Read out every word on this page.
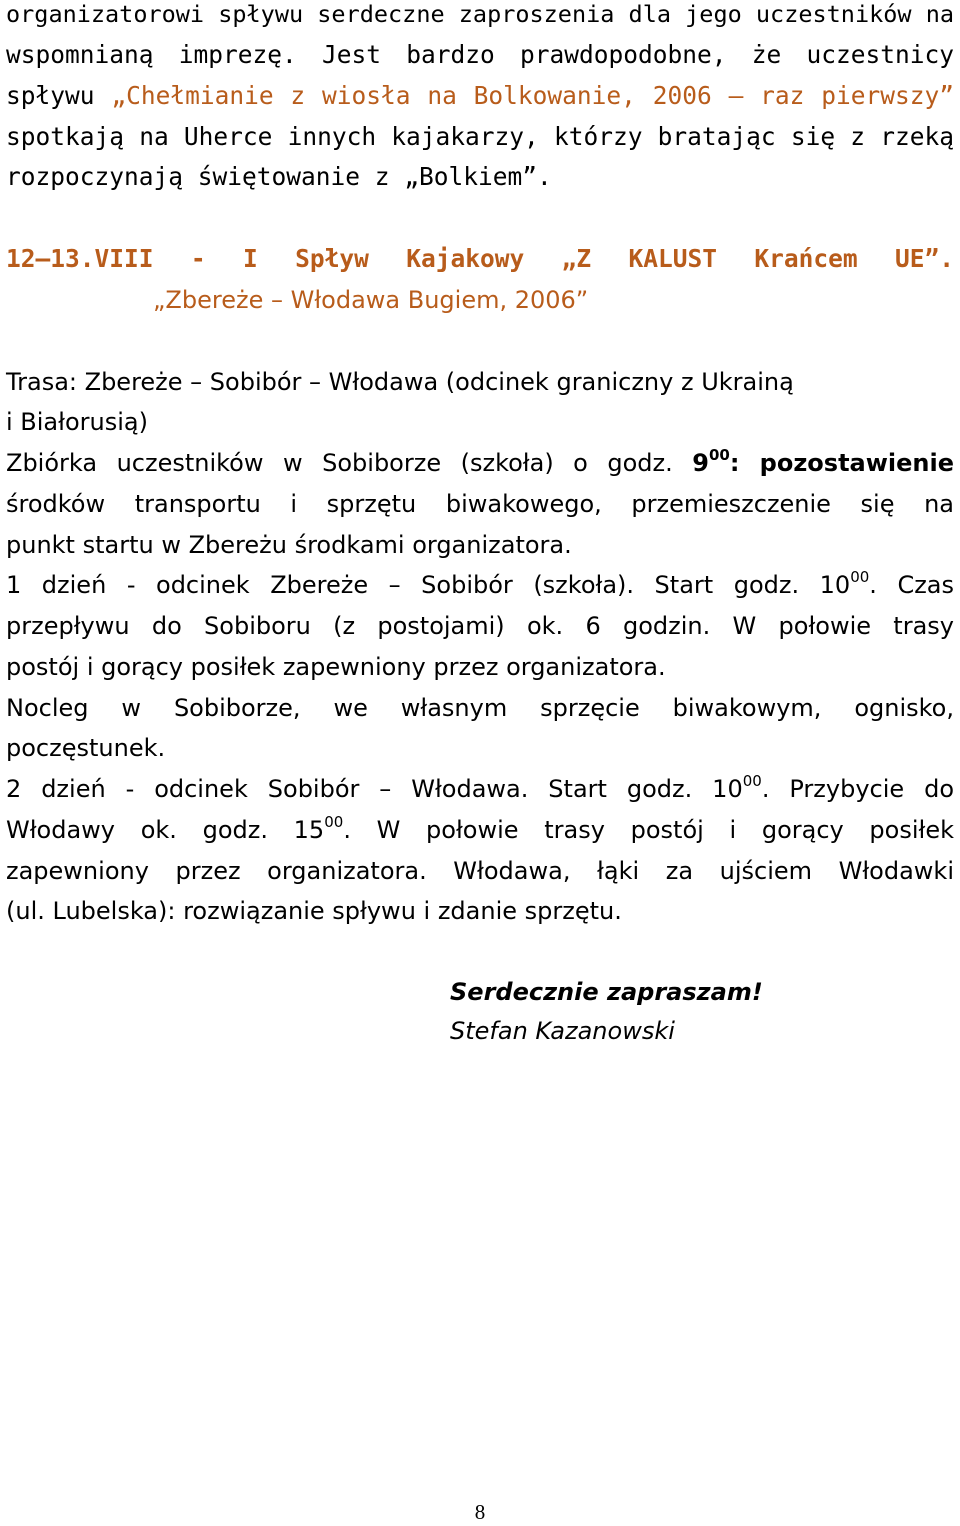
organizatorowi spływu serdeczne zaproszenia dla jego uczestników na
wspomnianą imprezę. Jest bardzo prawdopodobne, że uczestnicy
spływu „Chełmianie z wiosła na Bolkowanie, 2006 – raz pierwszy”
spotkają na Uherce innych kajakarzy, którzy bratając się z rzeką
rozpoczynają świętowanie z „Bolkiem”.
12–13.VIII - I Spływ Kajakowy „Z KALUST Krańcem UE”.
„Zbereże – Włodawa Bugiem, 2006”
Trasa: Zbereże – Sobibór – Włodawa (odcinek graniczny z Ukrainą
i Białorusią)
Zbiórka uczestników w Sobiborze (szkoła) o godz. $9^{00}$: pozostawienie
środków transportu i sprzętu biwakowego, przemieszczenie się na
punkt startu w Zbereżu środkami organizatora.
1 dzień - odcinek Zbereże – Sobibór (szkoła). Start godz. $10^{00}$. Czas
przepływu do Sobiboru (z postojami) ok. 6 godzin. W połowie trasy
postój i gorący posiłek zapewniony przez organizatora.
Nocleg w Sobiborze, we własnym sprzęcie biwakowym, ognisko,
poczęstunek.
2 dzień - odcinek Sobibór – Włodawa. Start godz. $10^{00}$. Przybycie do
Włodawy ok. godz. $15^{00}$. W połowie trasy postój i gorący posiłek
zapewniony przez organizatora. Włodawa, łąki za ujściem Włodawki
(ul. Lubelska): rozwiązanie spływu i zdanie sprzętu.
Serdecznie zapraszam!
Stefan Kazanowski
8
